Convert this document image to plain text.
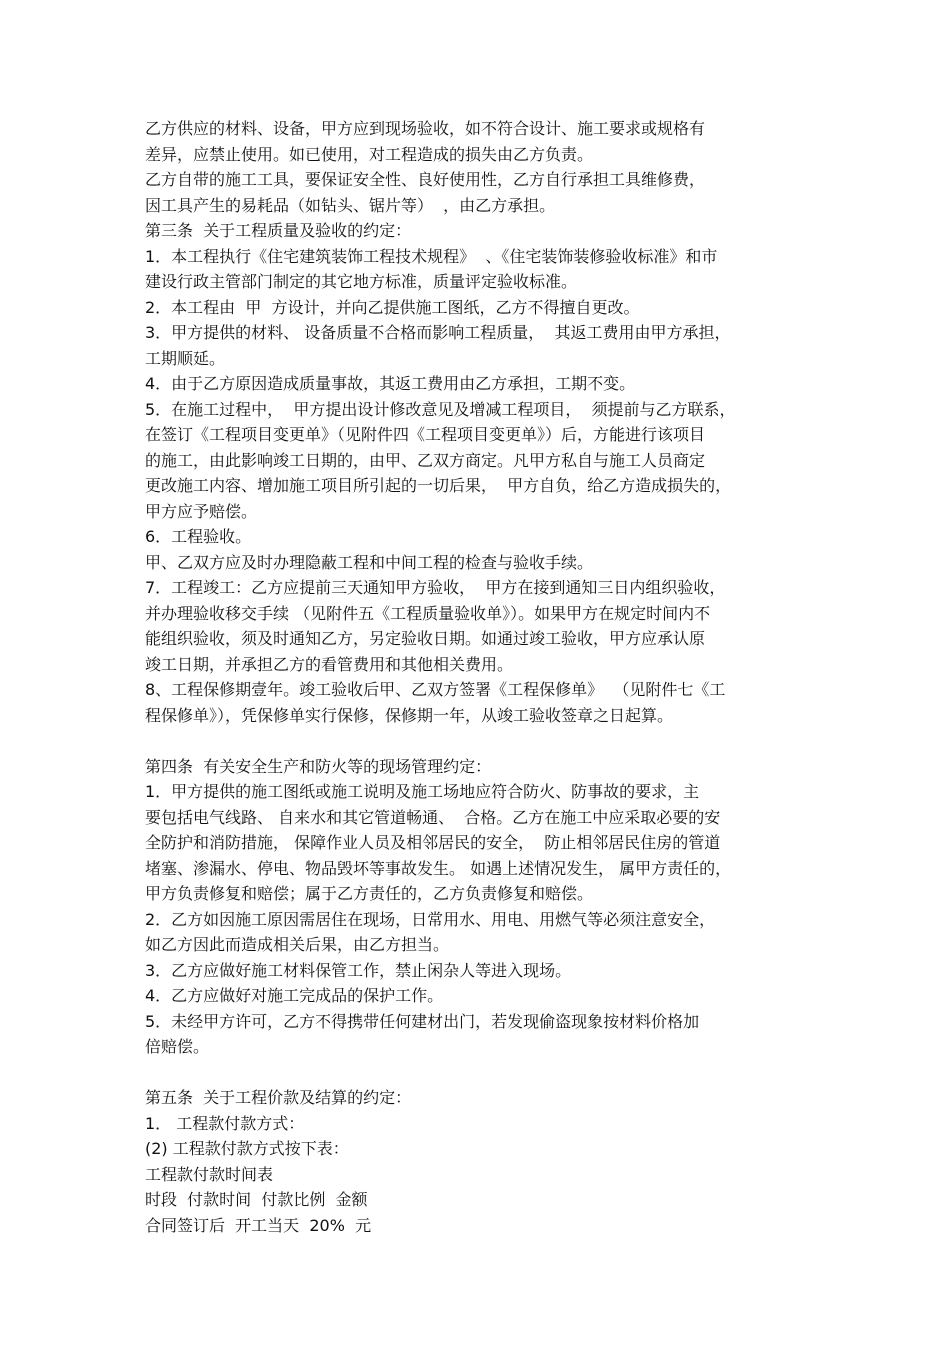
乙方供应的材料、设备，甲方应到现场验收，如不符合设计、施工要求或规格有
差异，应禁止使用。如已使用，对工程造成的损失由乙方负责。
乙方自带的施工工具，要保证安全性、良好使用性，乙方自行承担工具维修费，
因工具产生的易耗品（如钻头、锯片等）  ，由乙方承担。
第三条  关于工程质量及验收的约定：
1．本工程执行《住宅建筑装饰工程技术规程》  、《住宅装饰装修验收标准》和市
建设行政主管部门制定的其它地方标准，质量评定验收标准。
2．本工程由  甲  方设计，并向乙提供施工图纸，乙方不得擅自更改。
3．甲方提供的材料、 设备质量不合格而影响工程质量，  其返工费用由甲方承担，
工期顺延。
4．由于乙方原因造成质量事故，其返工费用由乙方承担，工期不变。
5．在施工过程中，  甲方提出设计修改意见及增减工程项目，  须提前与乙方联系，
在签订《工程项目变更单》（见附件四《工程项目变更单》）后，方能进行该项目
的施工，由此影响竣工日期的，由甲、乙双方商定。凡甲方私自与施工人员商定
更改施工内容、增加施工项目所引起的一切后果，  甲方自负，给乙方造成损失的，
甲方应予赔偿。
6．工程验收。
甲、乙双方应及时办理隐蔽工程和中间工程的检查与验收手续。
7．工程竣工：乙方应提前三天通知甲方验收，  甲方在接到通知三日内组织验收，
并办理验收移交手续 （见附件五《工程质量验收单》）。如果甲方在规定时间内不
能组织验收，须及时通知乙方，另定验收日期。如通过竣工验收，甲方应承认原
竣工日期，并承担乙方的看管费用和其他相关费用。
8、工程保修期壹年。竣工验收后甲、乙双方签署《工程保修单》  （见附件七《工
程保修单》），凭保修单实行保修，保修期一年，从竣工验收签章之日起算。
第四条  有关安全生产和防火等的现场管理约定：
1．甲方提供的施工图纸或施工说明及施工场地应符合防火、防事故的要求，主
要包括电气线路、 自来水和其它管道畅通、  合格。乙方在施工中应采取必要的安
全防护和消防措施， 保障作业人员及相邻居民的安全，  防止相邻居民住房的管道
堵塞、渗漏水、停电、物品毁坏等事故发生。 如遇上述情况发生， 属甲方责任的，
甲方负责修复和赔偿；属于乙方责任的，乙方负责修复和赔偿。
2．乙方如因施工原因需居住在现场，日常用水、用电、用燃气等必须注意安全，
如乙方因此而造成相关后果，由乙方担当。
3．乙方应做好施工材料保管工作，禁止闲杂人等进入现场。
4．乙方应做好对施工完成品的保护工作。
5．未经甲方许可，乙方不得携带任何建材出门，若发现偷盗现象按材料价格加
倍赔偿。
第五条  关于工程价款及结算的约定：
1． 工程款付款方式：
(2) 工程款付款方式按下表：
工程款付款时间表
时段  付款时间  付款比例  金额
合同签订后  开工当天  20%  元
